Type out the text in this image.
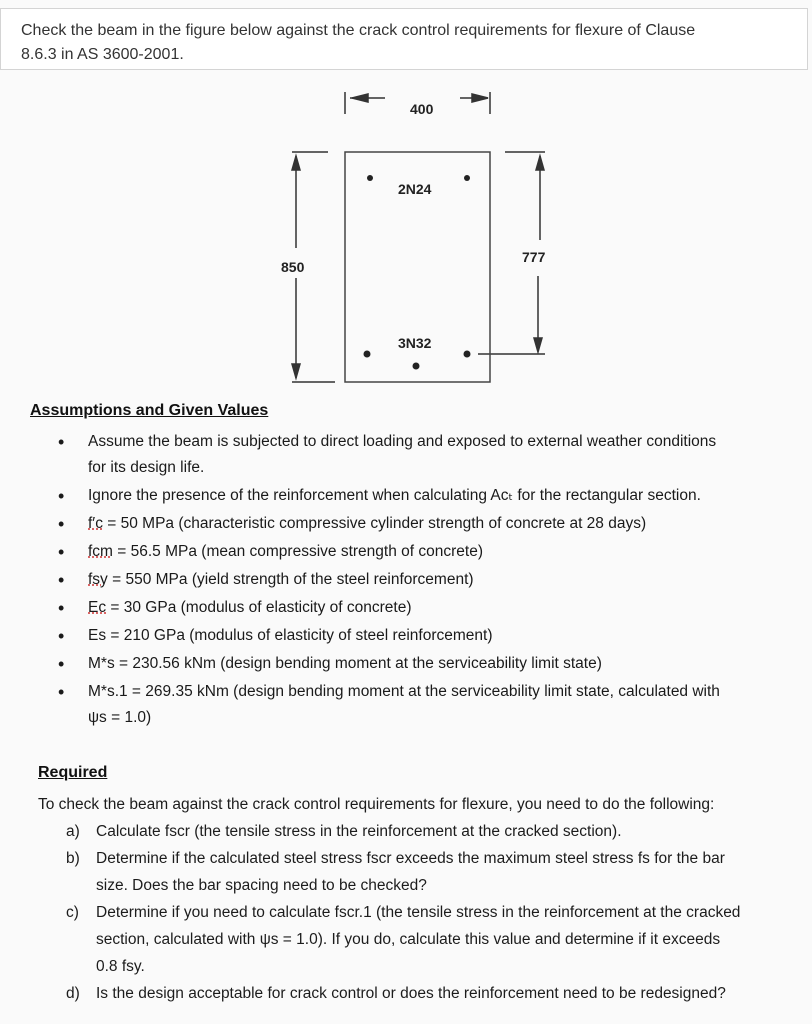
Check the beam in the figure below against the crack control requirements for flexure of Clause
8.6.3 in AS 3600-2001.
400
850
777
2N24
3N32
Assumptions and Given Values
• Assume the beam is subjected to direct loading and exposed to external weather conditions
for its design life.
• Ignore the presence of the reinforcement when calculating Aᴄₜ for the rectangular section.
• f′c = 50 MPa (characteristic compressive cylinder strength of concrete at 28 days)
• fcm = 56.5 MPa (mean compressive strength of concrete)
• fsy = 550 MPa (yield strength of the steel reinforcement)
• Ec = 30 GPa (modulus of elasticity of concrete)
• Es = 210 GPa (modulus of elasticity of steel reinforcement)
• M*s = 230.56 kNm (design bending moment at the serviceability limit state)
• M*s.1 = 269.35 kNm (design bending moment at the serviceability limit state, calculated with
ψs = 1.0)
Required
To check the beam against the crack control requirements for flexure, you need to do the following:
a) Calculate fscr (the tensile stress in the reinforcement at the cracked section).
b) Determine if the calculated steel stress fscr exceeds the maximum steel stress fs for the bar
size. Does the bar spacing need to be checked?
c) Determine if you need to calculate fscr.1 (the tensile stress in the reinforcement at the cracked
section, calculated with ψs = 1.0). If you do, calculate this value and determine if it exceeds
0.8 fsy.
d) Is the design acceptable for crack control or does the reinforcement need to be redesigned?
